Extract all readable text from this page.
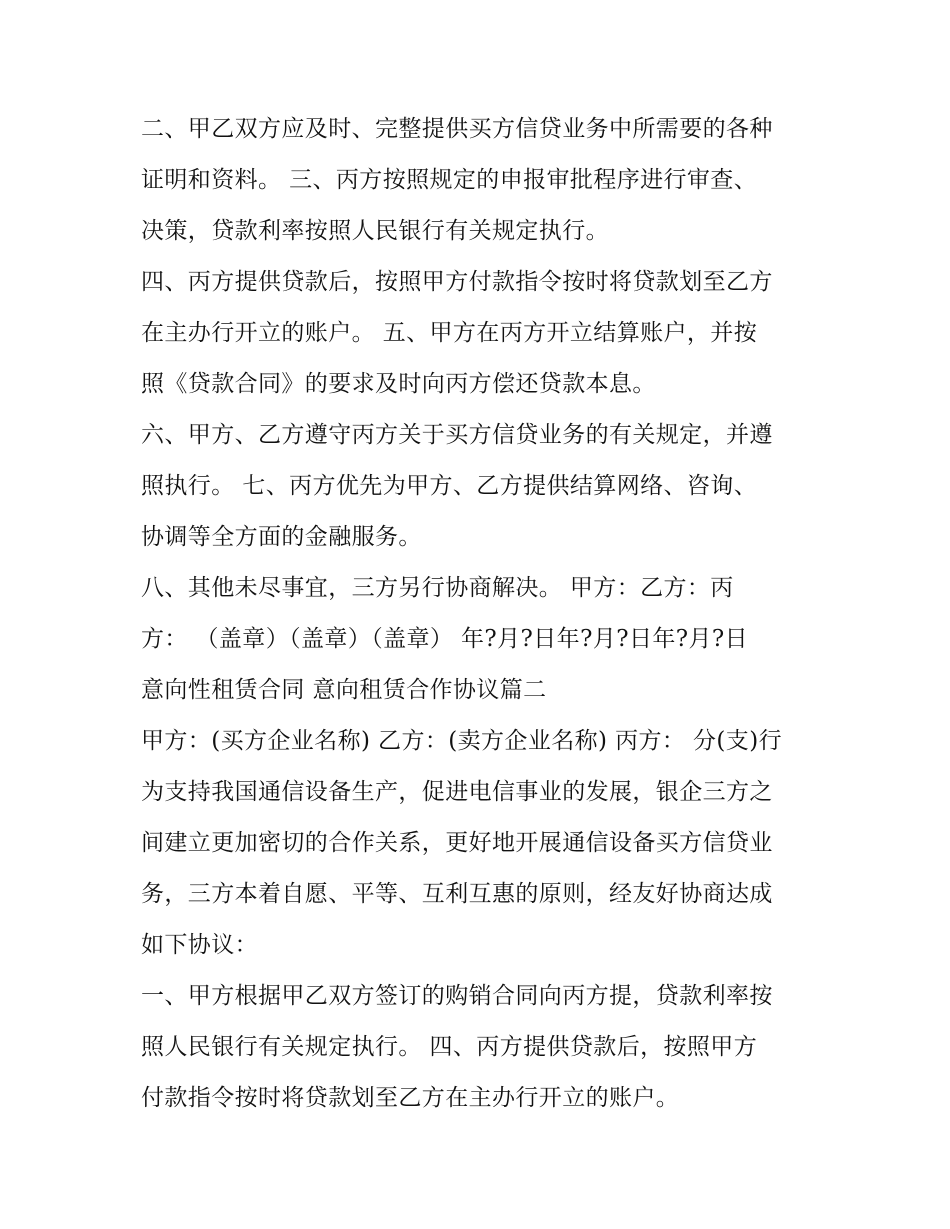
二、甲乙双方应及时、完整提供买方信贷业务中所需要的各种
证明和资料。 三、丙方按照规定的申报审批程序进行审查、
决策，贷款利率按照人民银行有关规定执行。
四、丙方提供贷款后，按照甲方付款指令按时将贷款划至乙方
在主办行开立的账户。 五、甲方在丙方开立结算账户，并按
照《贷款合同》的要求及时向丙方偿还贷款本息。
六、甲方、乙方遵守丙方关于买方信贷业务的有关规定，并遵
照执行。 七、丙方优先为甲方、乙方提供结算网络、咨询、
协调等全方面的金融服务。
八、其他未尽事宜，三方另行协商解决。 甲方：乙方：丙
方： （盖章）（盖章）（盖章） 年?月?日年?月?日年?月?日
意向性租赁合同 意向租赁合作协议篇二
甲方：(买方企业名称) 乙方：(卖方企业名称) 丙方： 分(支)行
为支持我国通信设备生产，促进电信事业的发展，银企三方之
间建立更加密切的合作关系，更好地开展通信设备买方信贷业
务，三方本着自愿、平等、互利互惠的原则，经友好协商达成
如下协议：
一、甲方根据甲乙双方签订的购销合同向丙方提，贷款利率按
照人民银行有关规定执行。 四、丙方提供贷款后，按照甲方
付款指令按时将贷款划至乙方在主办行开立的账户。
